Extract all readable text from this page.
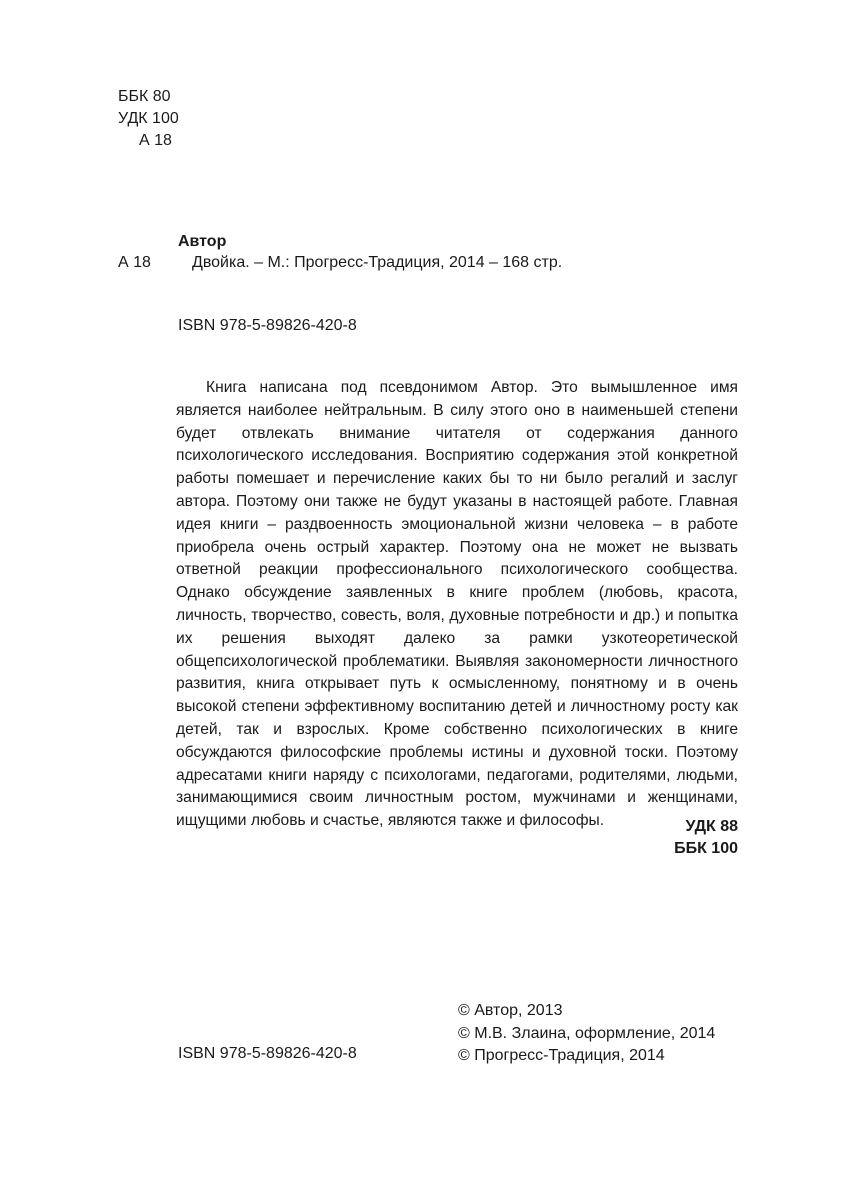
ББК 80
УДК 100
А 18
Автор
А 18	Двойка. – М.: Прогресс-Традиция, 2014 – 168 стр.
ISBN 978-5-89826-420-8

Книга написана под псевдонимом Автор. Это вымышленное имя является наиболее нейтральным. В силу этого оно в наименьшей степени будет отвлекать внимание читателя от содержания данного психологического исследования. Восприятию содержания этой конкретной работы помешает и перечисление каких бы то ни было регалий и заслуг автора. Поэтому они также не будут указаны в настоящей работе. Главная идея книги – раздвоенность эмоциональной жизни человека – в работе приобрела очень острый характер. Поэтому она не может не вызвать ответной реакции профессионального психологического сообщества. Однако обсуждение заявленных в книге проблем (любовь, красота, личность, творчество, совесть, воля, духовные потребности и др.) и попытка их решения выходят далеко за рамки узкотеоретической общепсихологической проблематики. Выявляя закономерности личностного развития, книга открывает путь к осмысленному, понятному и в очень высокой степени эффективному воспитанию детей и личностному росту как детей, так и взрослых. Кроме собственно психологических в книге обсуждаются философские проблемы истины и духовной тоски. Поэтому адресатами книги наряду с психологами, педагогами, родителями, людьми, занимающимися своим личностным ростом, мужчинами и женщинами, ищущими любовь и счастье, являются также и философы.	УДК 88
ББК 100
ISBN 978-5-89826-420-8
© Автор, 2013
© М.В. Злаина, оформление, 2014
© Прогресс-Традиция, 2014
